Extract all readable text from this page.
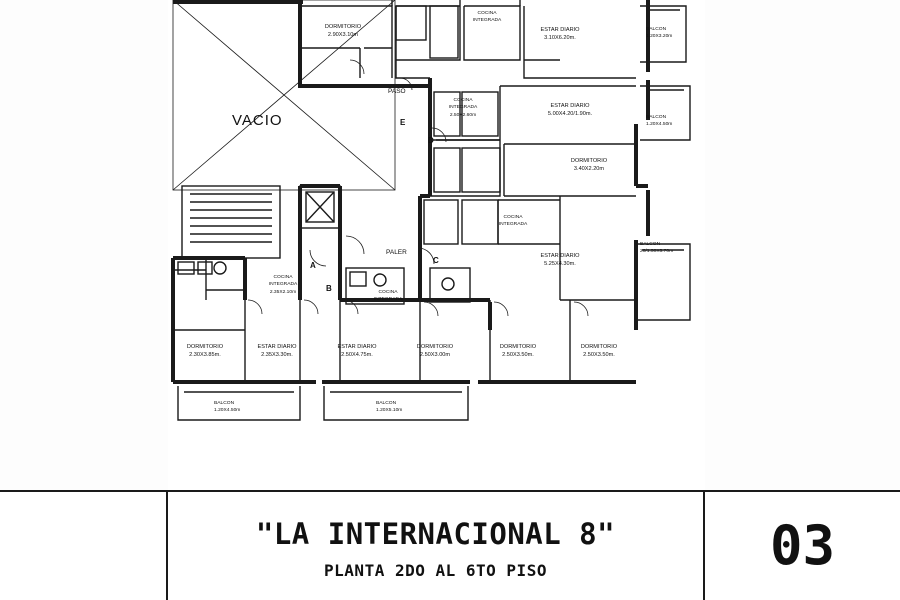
VACIO
PASO
PALER
A
B
C
D
E
DORMITORIO
2.90X3.10m
COCINA
INTEGRADA
ESTAR DIARIO
3.10X6.20m.
BALCON
1.20X3.20m
COCINA
INTEGRADA
2.50X2.60m
ESTAR DIARIO
5.00X4.20/1.90m.
BALCON
1.20X4.50m
DORMITORIO
3.40X2.20m
COCINA
INTEGRADA
ESTAR DIARIO
5.25X4.30m.
BALCON
20/1.50X5.70m
COCINA
INTEGRADA
2.35X2.10m	COCINA
INTEGRADA
DORMITORIO
2.30X3.85m.
ESTAR DIARIO
2.35X3.30m.
ESTAR DIARIO
2.50X4.75m.
DORMITORIO
2.50X3.00m
DORMITORIO
2.50X3.50m.
DORMITORIO
2.50X3.50m.
BALCON
1.20X4.50m
BALCON
1.20X5.10m
"LA INTERNACIONAL 8"
PLANTA 2DO AL 6TO PISO	03
